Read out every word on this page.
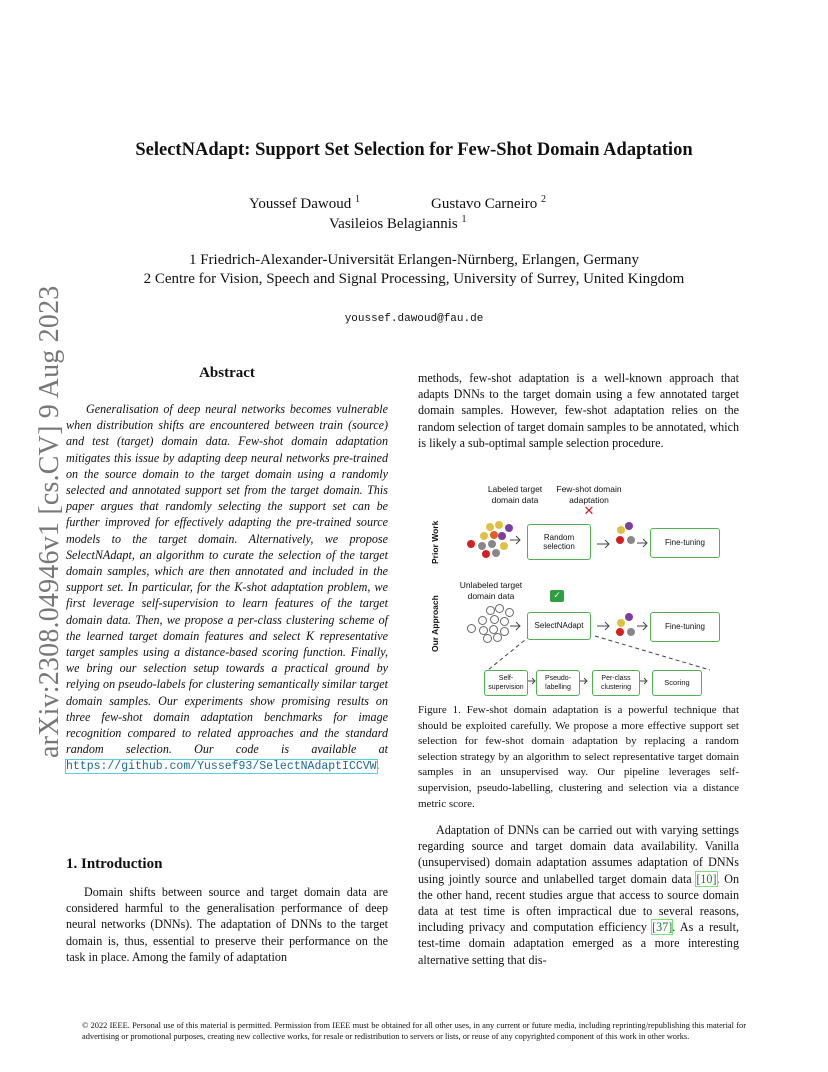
arXiv:2308.04946v1 [cs.CV] 9 Aug 2023
SelectNAdapt: Support Set Selection for Few-Shot Domain Adaptation
Youssef Dawoud $^1$	Gustavo Carneiro $^2$
Vasileios Belagiannis $^1$
1 Friedrich-Alexander-Universität Erlangen-Nürnberg, Erlangen, Germany
2 Centre for Vision, Speech and Signal Processing, University of Surrey, United Kingdom
youssef.dawoud@fau.de
Abstract

Generalisation of deep neural networks becomes vulnerable when distribution shifts are encountered between train (source) and test (target) domain data. Few-shot domain adaptation mitigates this issue by adapting deep neural networks pre-trained on the source domain to the target domain using a randomly selected and annotated support set from the target domain. This paper argues that randomly selecting the support set can be further improved for effectively adapting the pre-trained source models to the target domain. Alternatively, we propose SelectNAdapt, an algorithm to curate the selection of the target domain samples, which are then annotated and included in the support set. In particular, for the K-shot adaptation problem, we first leverage self-supervision to learn features of the target domain data. Then, we propose a per-class clustering scheme of the learned target domain features and select K representative target samples using a distance-based scoring function. Finally, we bring our selection setup towards a practical ground by relying on pseudo-labels for clustering semantically similar target domain samples. Our experiments show promising results on three few-shot domain adaptation benchmarks for image recognition compared to related approaches and the standard random selection. Our code is available at https://github.com/Yussef93/SelectNAdaptICCVW.

1. Introduction

Domain shifts between source and target domain data are considered harmful to the generalisation performance of deep neural networks (DNNs). The adaptation of DNNs to the target domain is, thus, essential to preserve their performance on the task in place. Among the family of adaptation

methods, few-shot adaptation is a well-known approach that adapts DNNs to the target domain using a few annotated target domain samples. However, few-shot adaptation relies on the random selection of target domain samples to be annotated, which is likely a sub-optimal sample selection procedure.

Labeled target domain data
Few-shot domain adaptation
✕
Prior Work
Our Approach
Random selection	Fine-tuning
Unlabeled target domain data	✓
SelectNAdapt	Fine-tuning
Self-supervision
Pseudo-labelling
Per-class clustering
Scoring
Figure 1. Few-shot domain adaptation is a powerful technique that should be exploited carefully. We propose a more effective support set selection for few-shot domain adaptation by replacing a random selection strategy by an algorithm to select representative target domain samples in an unsupervised way. Our pipeline leverages self-supervision, pseudo-labelling, clustering and selection via a distance metric score.

Adaptation of DNNs can be carried out with varying settings regarding source and target domain data availability. Vanilla (unsupervised) domain adaptation assumes adaptation of DNNs using jointly source and unlabelled target domain data [10]. On the other hand, recent studies argue that access to source domain data at test time is often impractical due to several reasons, including privacy and computation efficiency [37]. As a result, test-time domain adaptation emerged as a more interesting alternative setting that dis-

© 2022 IEEE. Personal use of this material is permitted. Permission from IEEE must be obtained for all other uses, in any current or future media, including reprinting/republishing this material for advertising or promotional purposes, creating new collective works, for resale or redistribution to servers or lists, or reuse of any copyrighted component of this work in other works.
